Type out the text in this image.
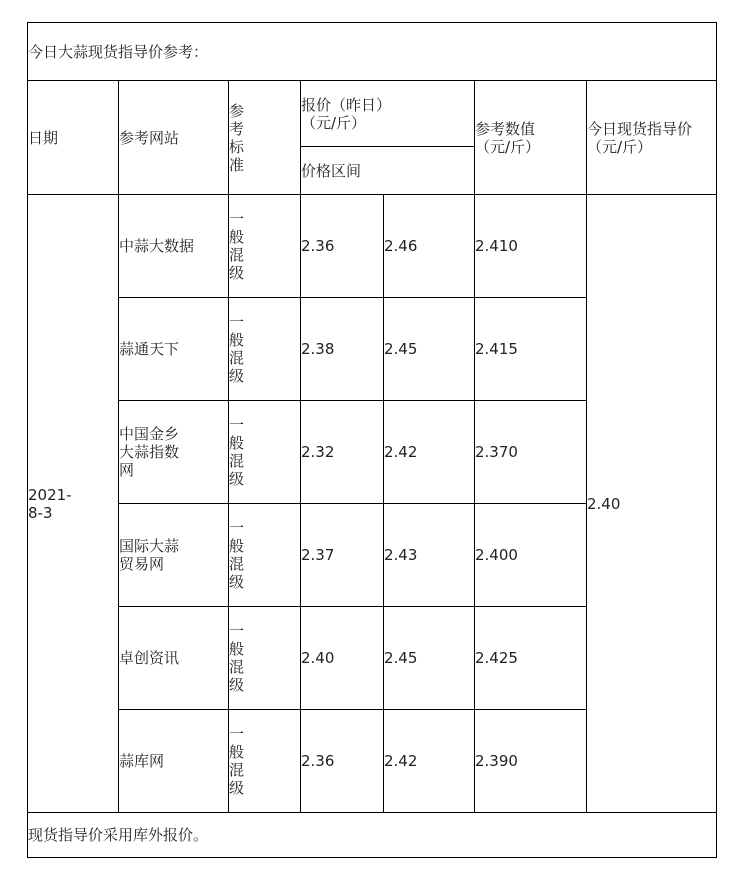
今日大蒜现货指导价参考：						
日期	参考网站	参考标准	报价（昨日）（元/斤）		参考数值（元/斤）	今日现货指导价（元/斤）
			价格区间			

2021-8-3	中蒜大数据	一般混级	2.36	2.46	2.410	2.40
	蒜通天下	一般混级	2.38	2.45	2.415	

	中国金乡大蒜指数网	一般混级	2.32	2.42	2.370	

	国际大蒜贸易网	一般混级	2.37	2.43	2.400	
	卓创资讯	一般混级	2.40	2.45	2.425	
	蒜库网	一般混级	2.36	2.42	2.390	
现货指导价采用库外报价。						
